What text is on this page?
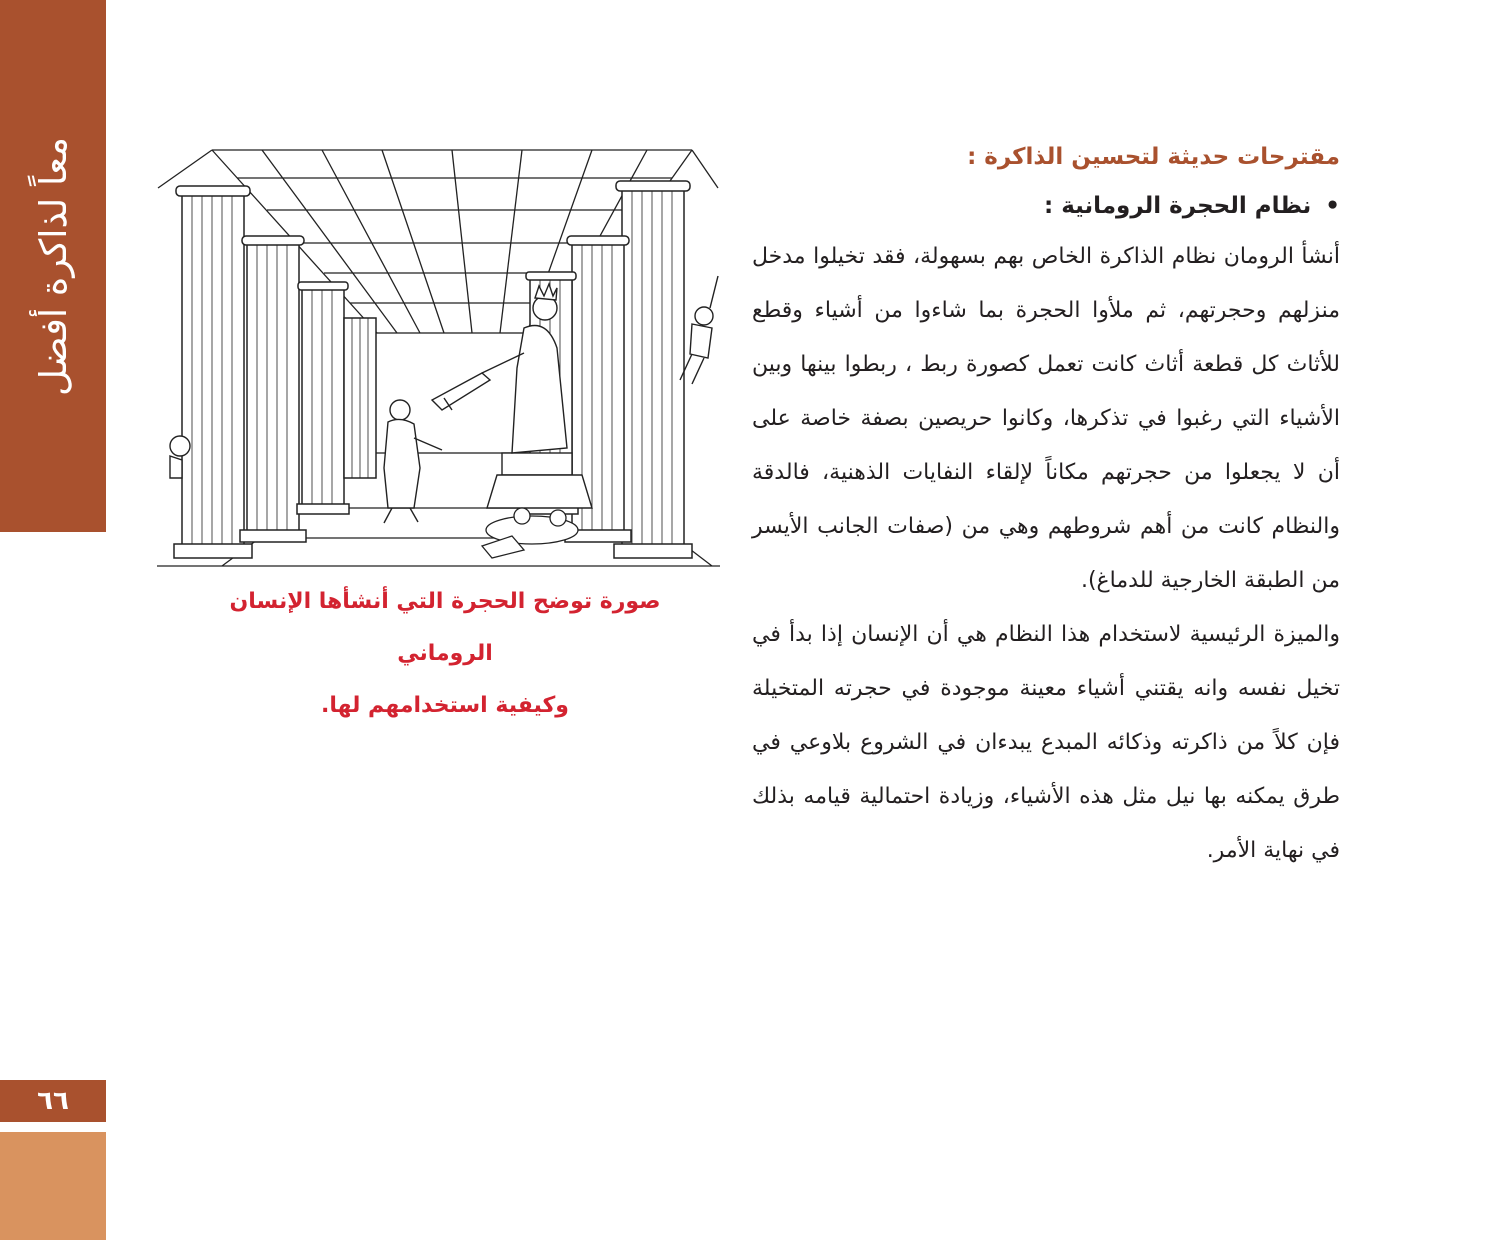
معاً لذاكرة أفضل
٦٦
صورة توضح الحجرة التي أنشأها الإنسان الروماني
وكيفية استخدامهم لها.

مقترحات حديثة لتحسين الذاكرة :

•نظام الحجرة الرومانية :

أنشأ الرومان نظام الذاكرة الخاص بهم بسهولة، فقد تخيلوا مدخل منزلهم وحجرتهم، ثم ملأوا الحجرة بما شاءوا من أشياء وقطع للأثاث كل قطعة أثاث كانت تعمل كصورة ربط ، ربطوا بينها وبين الأشياء التي رغبوا في تذكرها، وكانوا حريصين بصفة خاصة على أن لا يجعلوا من حجرتهم مكاناً لإلقاء النفايات الذهنية، فالدقة والنظام كانت من أهم شروطهم وهي من (صفات الجانب الأيسر من الطبقة الخارجية للدماغ).

والميزة الرئيسية لاستخدام هذا النظام هي أن الإنسان إذا بدأ في تخيل نفسه وانه يقتني أشياء معينة موجودة في حجرته المتخيلة فإن كلاً من ذاكرته وذكائه المبدع يبدءان في الشروع بلاوعي في طرق يمكنه بها نيل مثل هذه الأشياء، وزيادة احتمالية قيامه بذلك في نهاية الأمر.
